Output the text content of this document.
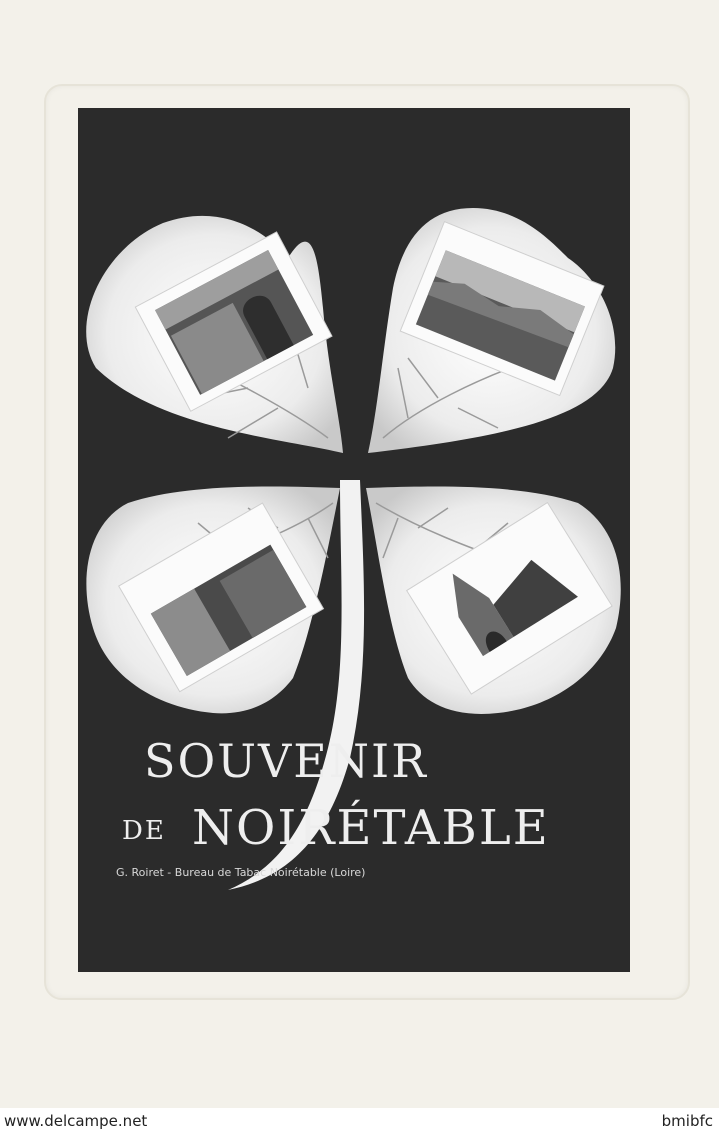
SOUVENIR
DE NOIRÉTABLE
G. Roiret - Bureau de Tabac Noirétable (Loire)
www.delcampe.net	bmibfc
